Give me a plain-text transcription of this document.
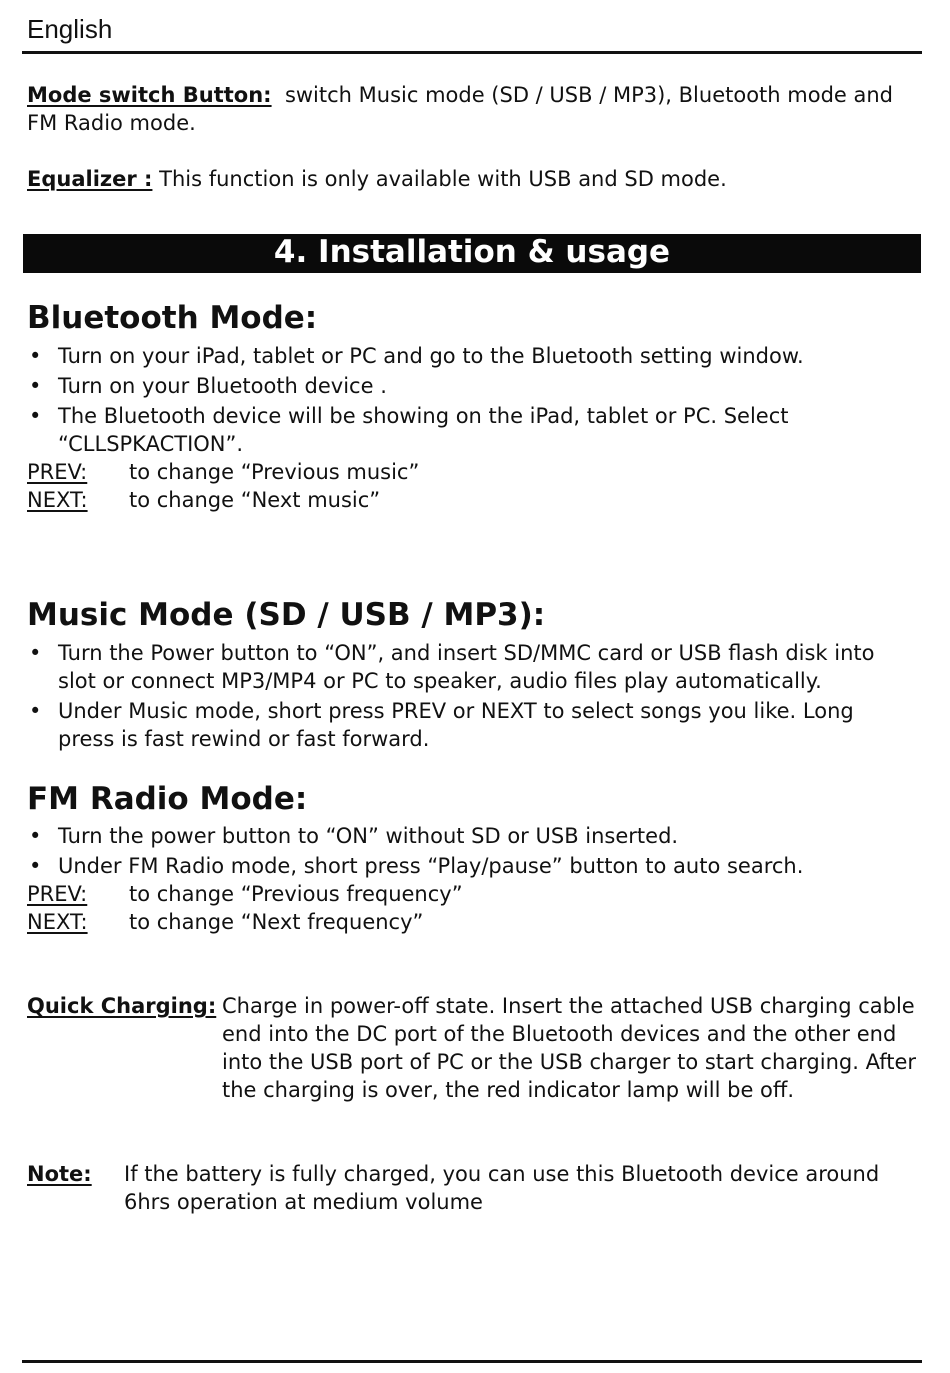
English
Mode switch Button: switch Music mode (SD / USB / MP3), Bluetooth mode and FM Radio mode.
Equalizer : This function is only available with USB and SD mode.
4. Installation & usage
Bluetooth Mode:
• Turn on your iPad, tablet or PC and go to the Bluetooth setting window.
• Turn on your Bluetooth device .
• The Bluetooth device will be showing on the iPad, tablet or PC. Select “CLLSPKACTION”.
PREV: to change “Previous music”
NEXT: to change “Next music”
Music Mode (SD / USB / MP3):
• Turn the Power button to “ON”, and insert SD/MMC card or USB flash disk into slot or connect MP3/MP4 or PC to speaker, audio files play automatically.
• Under Music mode, short press PREV or NEXT to select songs you like. Long press is fast rewind or fast forward.
FM Radio Mode:
• Turn the power button to “ON” without SD or USB inserted.
• Under FM Radio mode, short press “Play/pause” button to auto search.
PREV: to change “Previous frequency”
NEXT: to change “Next frequency”
Quick Charging: Charge in power-off state. Insert the attached USB charging cable end into the DC port of the Bluetooth devices and the other end into the USB port of PC or the USB charger to start charging. After the charging is over, the red indicator lamp will be off.
Note: If the battery is fully charged, you can use this Bluetooth device around 6hrs operation at medium volume
